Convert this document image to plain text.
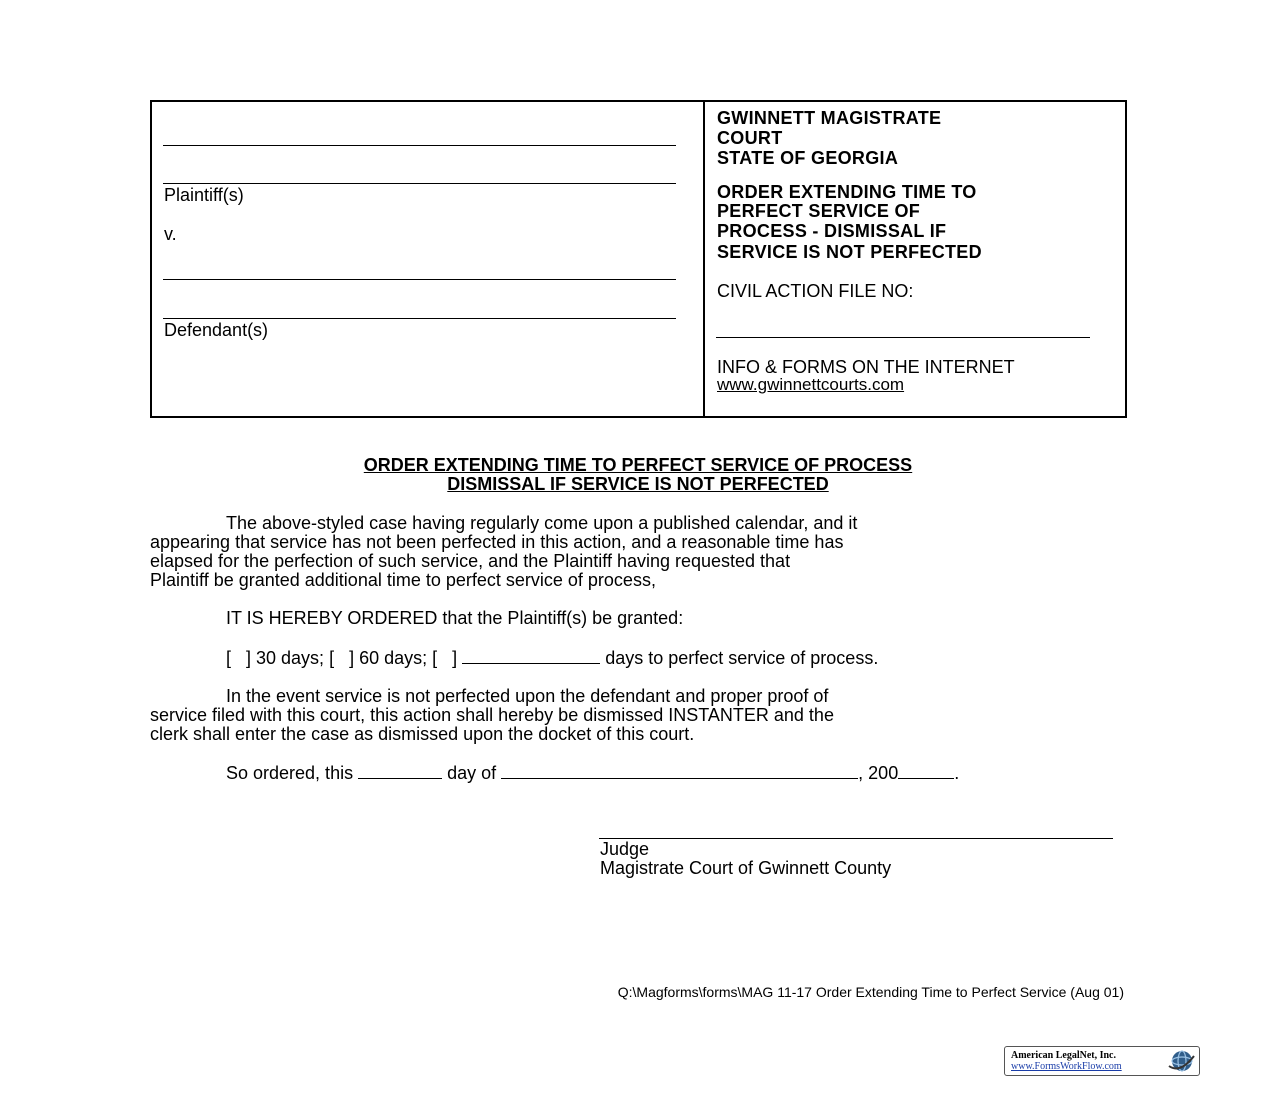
Plaintiff(s)
v.
Defendant(s)
GWINNETT MAGISTRATE
COURT
STATE OF GEORGIA
ORDER EXTENDING TIME TO
PERFECT SERVICE OF
PROCESS - DISMISSAL IF
SERVICE IS NOT PERFECTED
CIVIL ACTION FILE NO:
INFO & FORMS ON THE INTERNET
www.gwinnettcourts.com
ORDER EXTENDING TIME TO PERFECT SERVICE OF PROCESS
DISMISSAL IF SERVICE IS NOT PERFECTED
The above-styled case having regularly come upon a published calendar, and it
appearing that service has not been perfected in this action, and a reasonable time has
elapsed for the perfection of such service, and the Plaintiff having requested that
Plaintiff be granted additional time to perfect service of process,
IT IS HEREBY ORDERED that the Plaintiff(s) be granted:
[   ] 30 days; [   ] 60 days; [   ]	days to perfect service of process.
In the event service is not perfected upon the defendant and proper proof of
service filed with this court, this action shall hereby be dismissed INSTANTER and the
clerk shall enter the case as dismissed upon the docket of this court.
So ordered, this	day of	, 200	.
Judge
Magistrate Court of Gwinnett County
Q:\Magforms\forms\MAG 11-17 Order Extending Time to Perfect Service (Aug 01)
American LegalNet, Inc.
www.FormsWorkFlow.com
